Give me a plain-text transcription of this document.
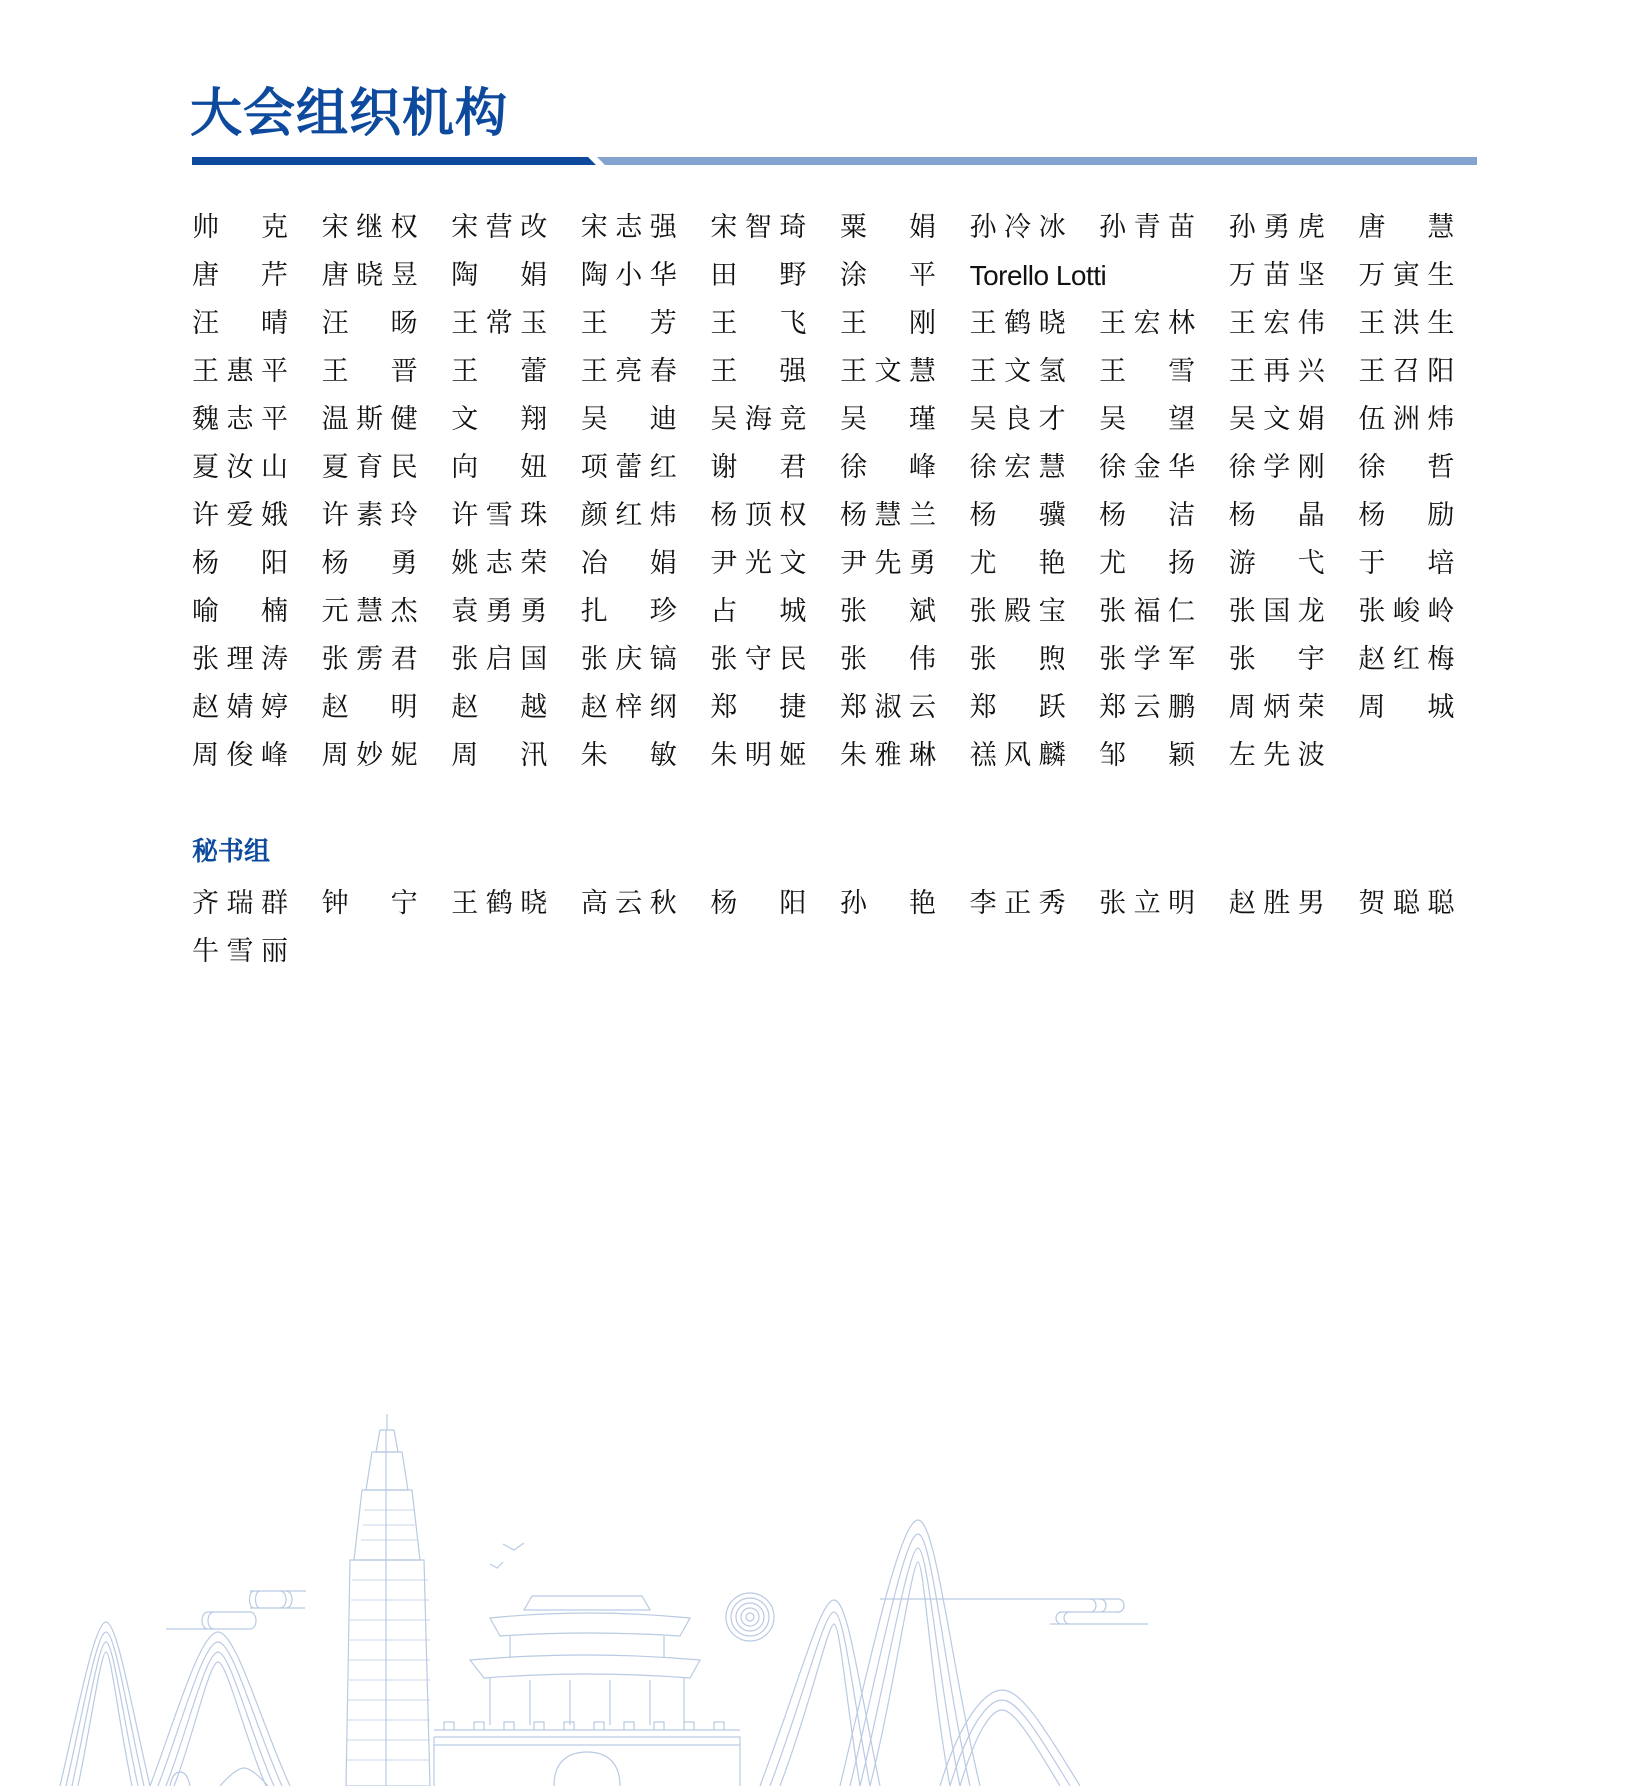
大会组织机构
帅 克 宋 继 权 宋 营 改 宋 志 强 宋 智 琦 粟 娟 孙 冷 冰 孙 青 苗 孙 勇 虎 唐 慧
唐 芹 唐 晓 昱 陶 娟 陶 小 华 田 野 涂 平 Torello Lotti	万 苗 坚 万 寅 生
汪 晴 汪 旸 王 常 玉 王 芳 王 飞 王 刚 王 鹤 晓 王 宏 林 王 宏 伟 王 洪 生
王 惠 平 王 晋 王 蕾 王 亮 春 王 强 王 文 慧 王 文 氢 王 雪 王 再 兴 王 召 阳
魏 志 平 温 斯 健 文 翔 吴 迪 吴 海 竞 吴 瑾 吴 良 才 吴 望 吴 文 娟 伍 洲 炜
夏 汝 山 夏 育 民 向 妞 项 蕾 红 谢 君 徐 峰 徐 宏 慧 徐 金 华 徐 学 刚 徐 哲
许 爱 娥 许 素 玲 许 雪 珠 颜 红 炜 杨 顶 权 杨 慧 兰 杨 骥 杨 洁 杨 晶 杨 励
杨 阳 杨 勇 姚 志 荣 冶 娟 尹 光 文 尹 先 勇 尤 艳 尤 扬 游 弋 于 培
喻 楠 元 慧 杰 袁 勇 勇 扎 珍 占 城 张 斌 张 殿 宝 张 福 仁 张 国 龙 张 峻 岭
张 理 涛 张 雳 君 张 启 国 张 庆 镐 张 守 民 张 伟 张 煦 张 学 军 张 宇 赵 红 梅
赵 婧 婷 赵 明 赵 越 赵 梓 纲 郑 捷 郑 淑 云 郑 跃 郑 云 鹏 周 炳 荣 周 城
周 俊 峰 周 妙 妮 周 汛 朱 敏 朱 明 姬 朱 雅 琳 禚 风 麟 邹 颖 左 先 波
秘书组
齐 瑞 群 钟 宁 王 鹤 晓 高 云 秋 杨 阳 孙 艳 李 正 秀 张 立 明 赵 胜 男 贺 聪 聪
牛 雪 丽
